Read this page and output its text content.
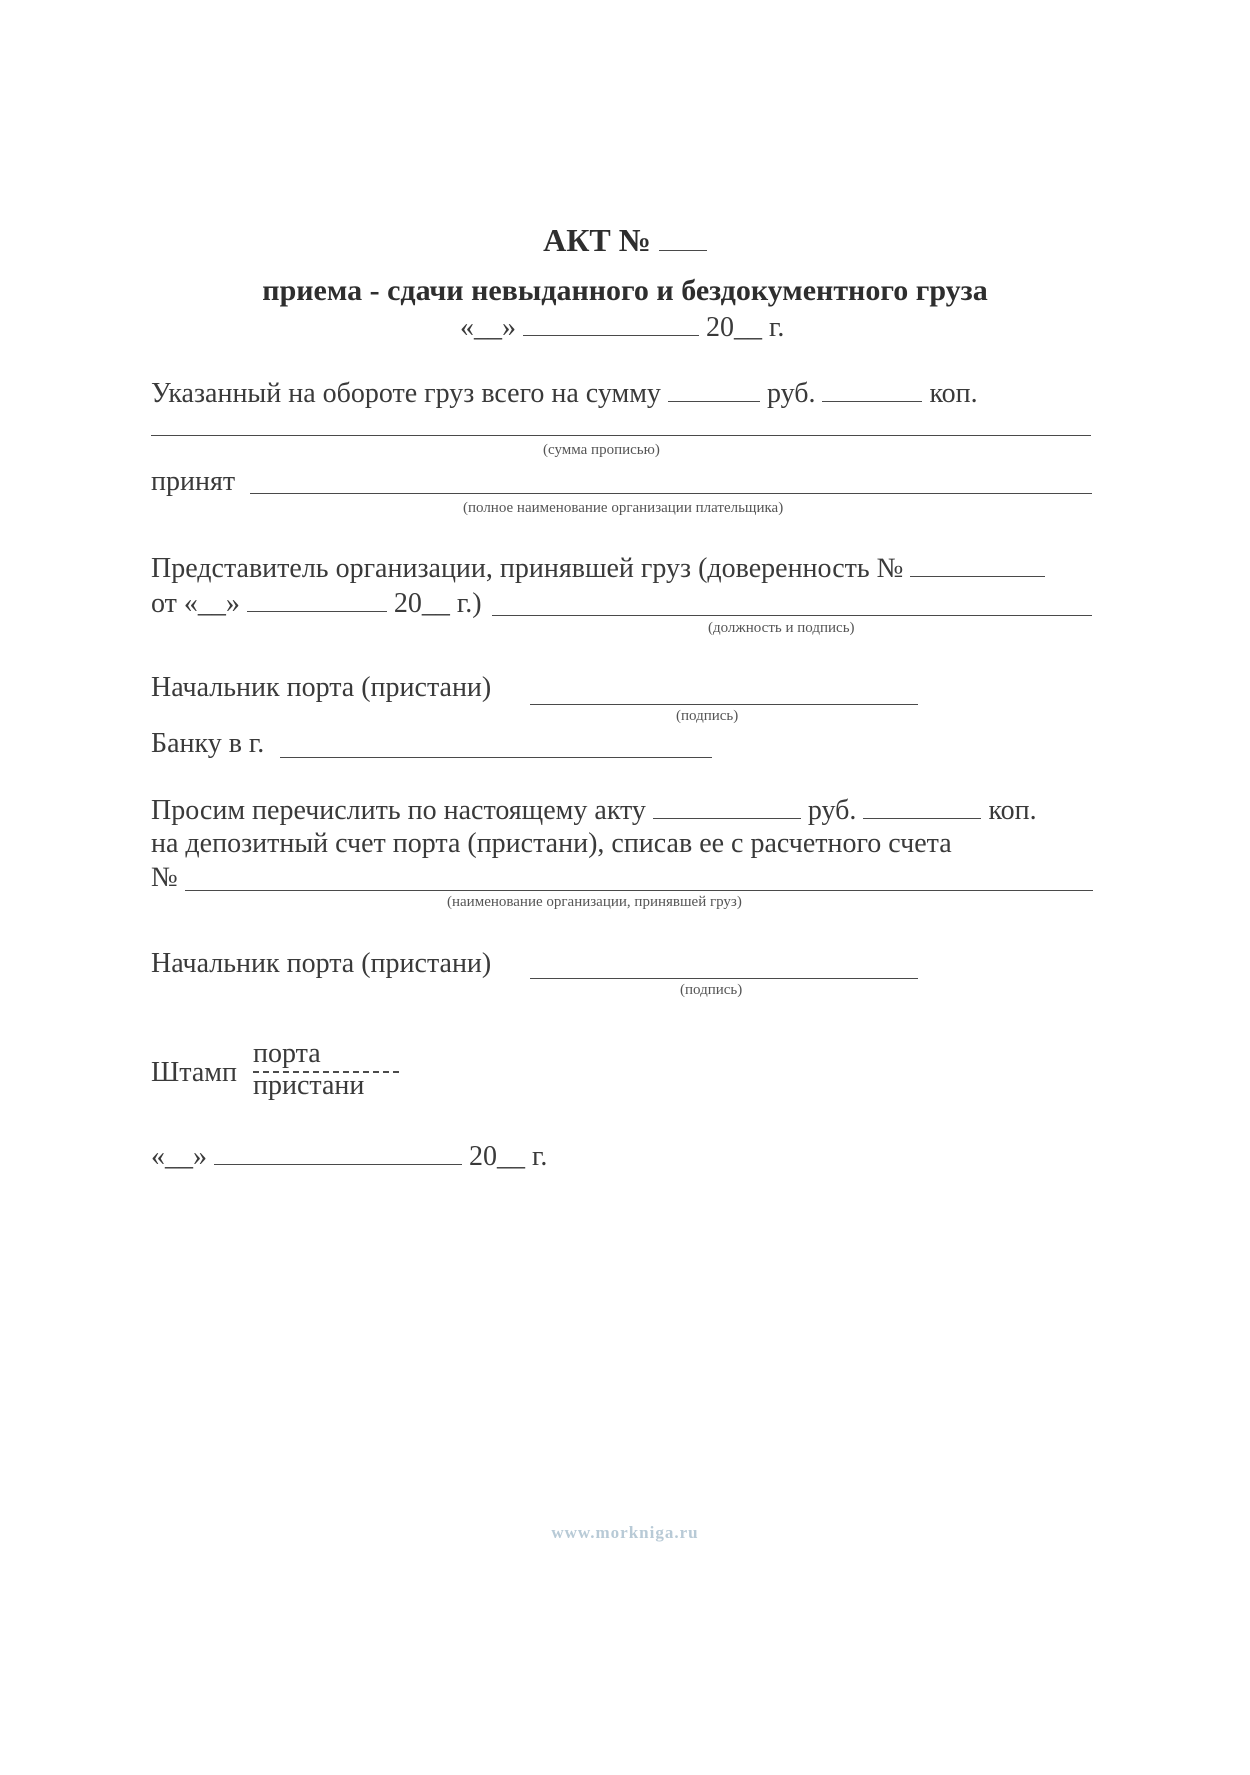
АКТ №
приема - сдачи невыданного и бездокументного груза
«__»	20__ г.
Указанный на обороте груз всего на сумму	руб.	коп.
(сумма прописью)
принят
(полное наименование организации плательщика)
Представитель организации, принявшей груз (доверенность №
от «__»	20__ г.)
(должность и подпись)
Начальник порта (пристани)
(подпись)
Банку в г.
Просим перечислить по настоящему акту	руб.	коп.
на депозитный счет порта (пристани), списав ее с расчетного счета
№
(наименование организации, принявшей груз)
Начальник порта (пристани)
(подпись)
Штамп
порта
пристани
«__»	20__ г.
www.morkniga.ru
